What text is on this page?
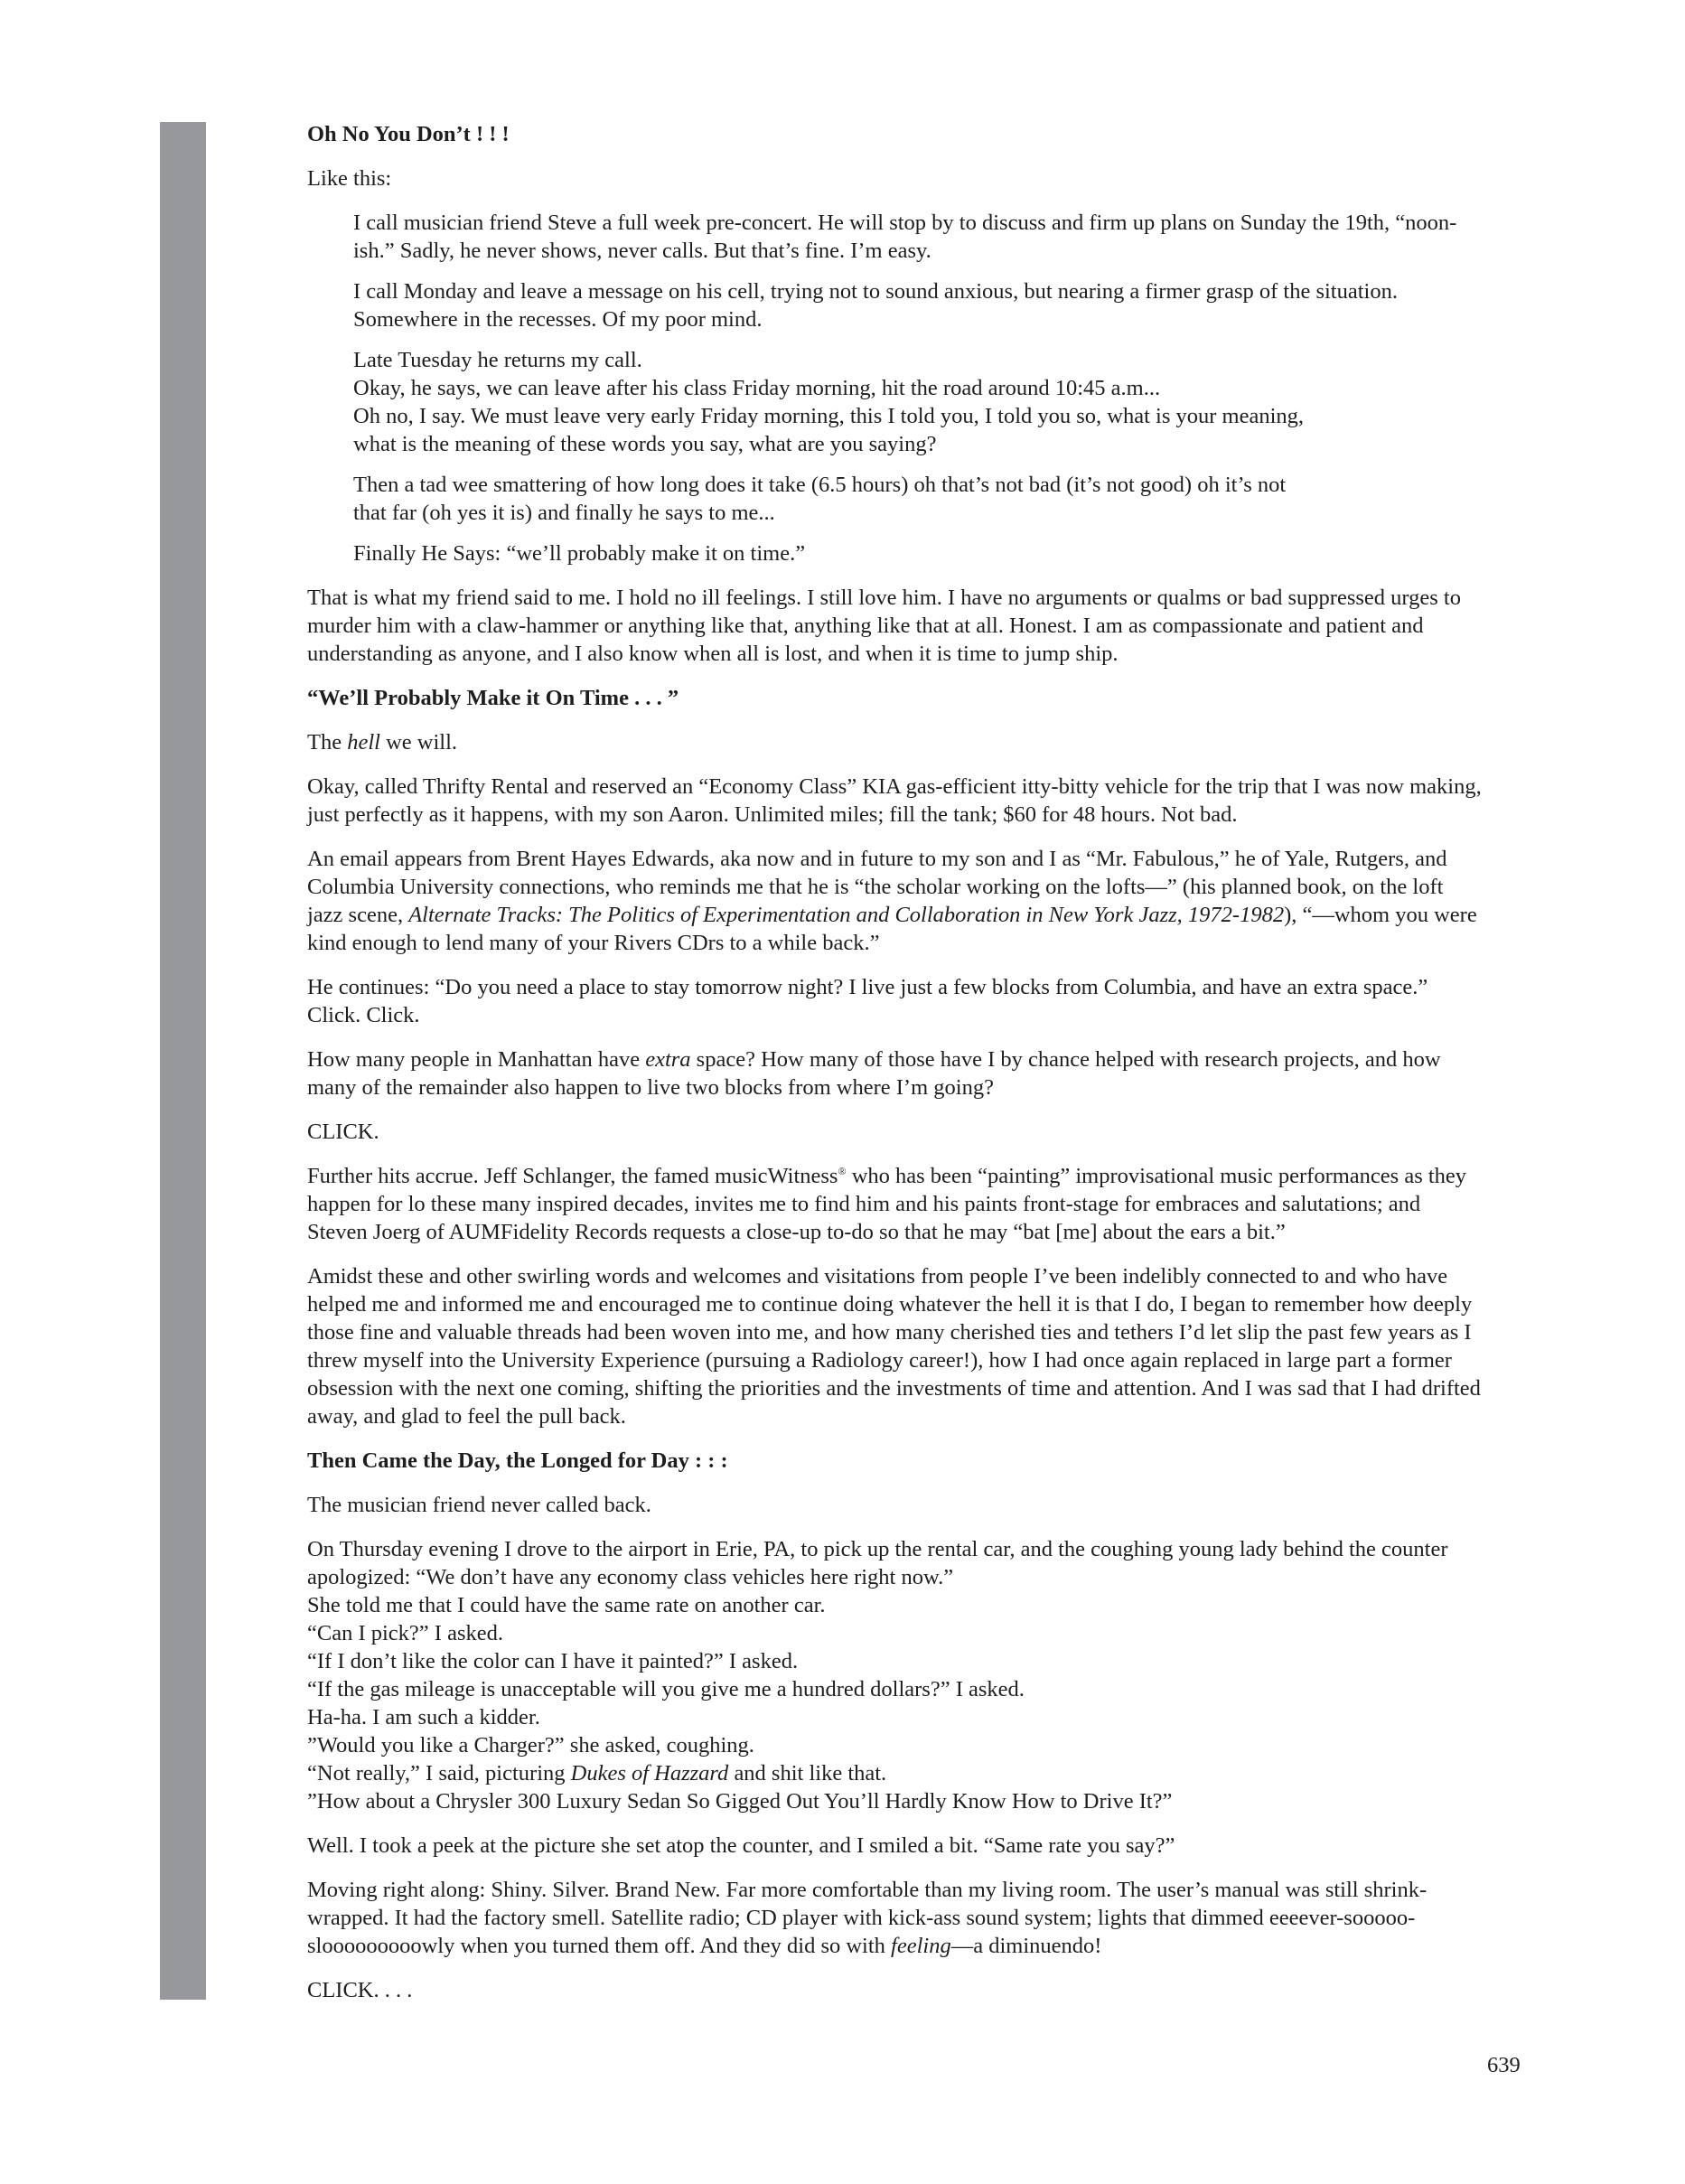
Oh No You Don’t ! ! !

Like this:

I call musician friend Steve a full week pre-concert. He will stop by to discuss and firm up plans on Sunday the 19th, “noon-ish.” Sadly, he never shows, never calls. But that’s fine. I’m easy.

I call Monday and leave a message on his cell, trying not to sound anxious, but nearing a firmer grasp of the situation. Somewhere in the recesses. Of my poor mind.

Late Tuesday he returns my call.
Okay, he says, we can leave after his class Friday morning, hit the road around 10:45 a.m...
Oh no, I say. We must leave very early Friday morning, this I told you, I told you so, what is your meaning,
what is the meaning of these words you say, what are you saying?

Then a tad wee smattering of how long does it take (6.5 hours) oh that’s not bad (it’s not good) oh it’s not
that far (oh yes it is) and finally he says to me...

Finally He Says: “we’ll probably make it on time.”

That is what my friend said to me. I hold no ill feelings. I still love him. I have no arguments or qualms or bad suppressed urges to murder him with a claw-hammer or anything like that, anything like that at all. Honest. I am as compassionate and patient and understanding as anyone, and I also know when all is lost, and when it is time to jump ship.

“We’ll Probably Make it On Time . . . ”

The hell we will.

Okay, called Thrifty Rental and reserved an “Economy Class” KIA gas-efficient itty-bitty vehicle for the trip that I was now making, just perfectly as it happens, with my son Aaron. Unlimited miles; fill the tank; $60 for 48 hours. Not bad.

An email appears from Brent Hayes Edwards, aka now and in future to my son and I as “Mr. Fabulous,” he of Yale, Rutgers, and Columbia University connections, who reminds me that he is “the scholar working on the lofts—” (his planned book, on the loft jazz scene, Alternate Tracks: The Politics of Experimentation and Collaboration in New York Jazz, 1972-1982), “—whom you were kind enough to lend many of your Rivers CDrs to a while back.”

He continues: “Do you need a place to stay tomorrow night? I live just a few blocks from Columbia, and have an extra space.” Click. Click.

How many people in Manhattan have extra space? How many of those have I by chance helped with research projects, and how many of the remainder also happen to live two blocks from where I’m going?

CLICK.

Further hits accrue. Jeff Schlanger, the famed musicWitness® who has been “painting” improvisational music performances as they happen for lo these many inspired decades, invites me to find him and his paints front-stage for embraces and salutations; and Steven Joerg of AUMFidelity Records requests a close-up to-do so that he may “bat [me] about the ears a bit.”

Amidst these and other swirling words and welcomes and visitations from people I’ve been indelibly connected to and who have helped me and informed me and encouraged me to continue doing whatever the hell it is that I do, I began to remember how deeply those fine and valuable threads had been woven into me, and how many cherished ties and tethers I’d let slip the past few years as I threw myself into the University Experience (pursuing a Radiology career!), how I had once again replaced in large part a former obsession with the next one coming, shifting the priorities and the investments of time and attention. And I was sad that I had drifted away, and glad to feel the pull back.

Then Came the Day, the Longed for Day : : :

The musician friend never called back.

On Thursday evening I drove to the airport in Erie, PA, to pick up the rental car, and the coughing young lady behind the counter apologized: “We don’t have any economy class vehicles here right now.”
She told me that I could have the same rate on another car.
“Can I pick?” I asked.
“If I don’t like the color can I have it painted?” I asked.
“If the gas mileage is unacceptable will you give me a hundred dollars?” I asked.
Ha-ha. I am such a kidder.
”Would you like a Charger?” she asked, coughing.
“Not really,” I said, picturing Dukes of Hazzard and shit like that.
”How about a Chrysler 300 Luxury Sedan So Gigged Out You’ll Hardly Know How to Drive It?”

Well. I took a peek at the picture she set atop the counter, and I smiled a bit. “Same rate you say?”

Moving right along: Shiny. Silver. Brand New. Far more comfortable than my living room. The user’s manual was still shrink-wrapped. It had the factory smell. Satellite radio; CD player with kick-ass sound system; lights that dimmed eeeever-sooooo-slooooooooowly when you turned them off. And they did so with feeling—a diminuendo!

CLICK. . . .

639
